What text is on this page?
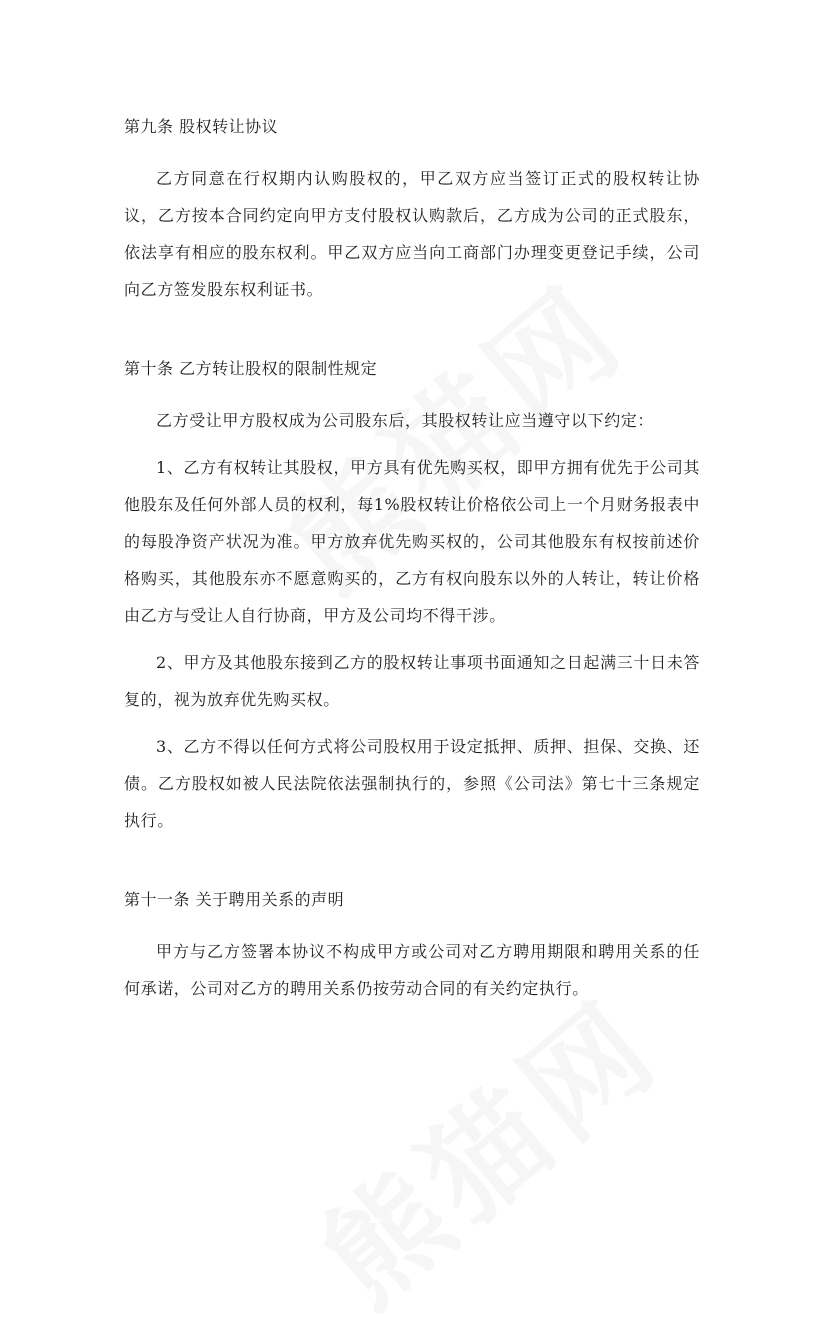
第九条 股权转让协议

乙方同意在行权期内认购股权的，甲乙双方应当签订正式的股权转让协议，乙方按本合同约定向甲方支付股权认购款后，乙方成为公司的正式股东，依法享有相应的股东权利。甲乙双方应当向工商部门办理变更登记手续，公司向乙方签发股东权利证书。

第十条 乙方转让股权的限制性规定

乙方受让甲方股权成为公司股东后，其股权转让应当遵守以下约定：

1、乙方有权转让其股权，甲方具有优先购买权，即甲方拥有优先于公司其他股东及任何外部人员的权利，每1%股权转让价格依公司上一个月财务报表中的每股净资产状况为准。甲方放弃优先购买权的，公司其他股东有权按前述价格购买，其他股东亦不愿意购买的，乙方有权向股东以外的人转让，转让价格由乙方与受让人自行协商，甲方及公司均不得干涉。

2、甲方及其他股东接到乙方的股权转让事项书面通知之日起满三十日未答复的，视为放弃优先购买权。

3、乙方不得以任何方式将公司股权用于设定抵押、质押、担保、交换、还债。乙方股权如被人民法院依法强制执行的，参照《公司法》第七十三条规定执行。

第十一条 关于聘用关系的声明

甲方与乙方签署本协议不构成甲方或公司对乙方聘用期限和聘用关系的任何承诺，公司对乙方的聘用关系仍按劳动合同的有关约定执行。
